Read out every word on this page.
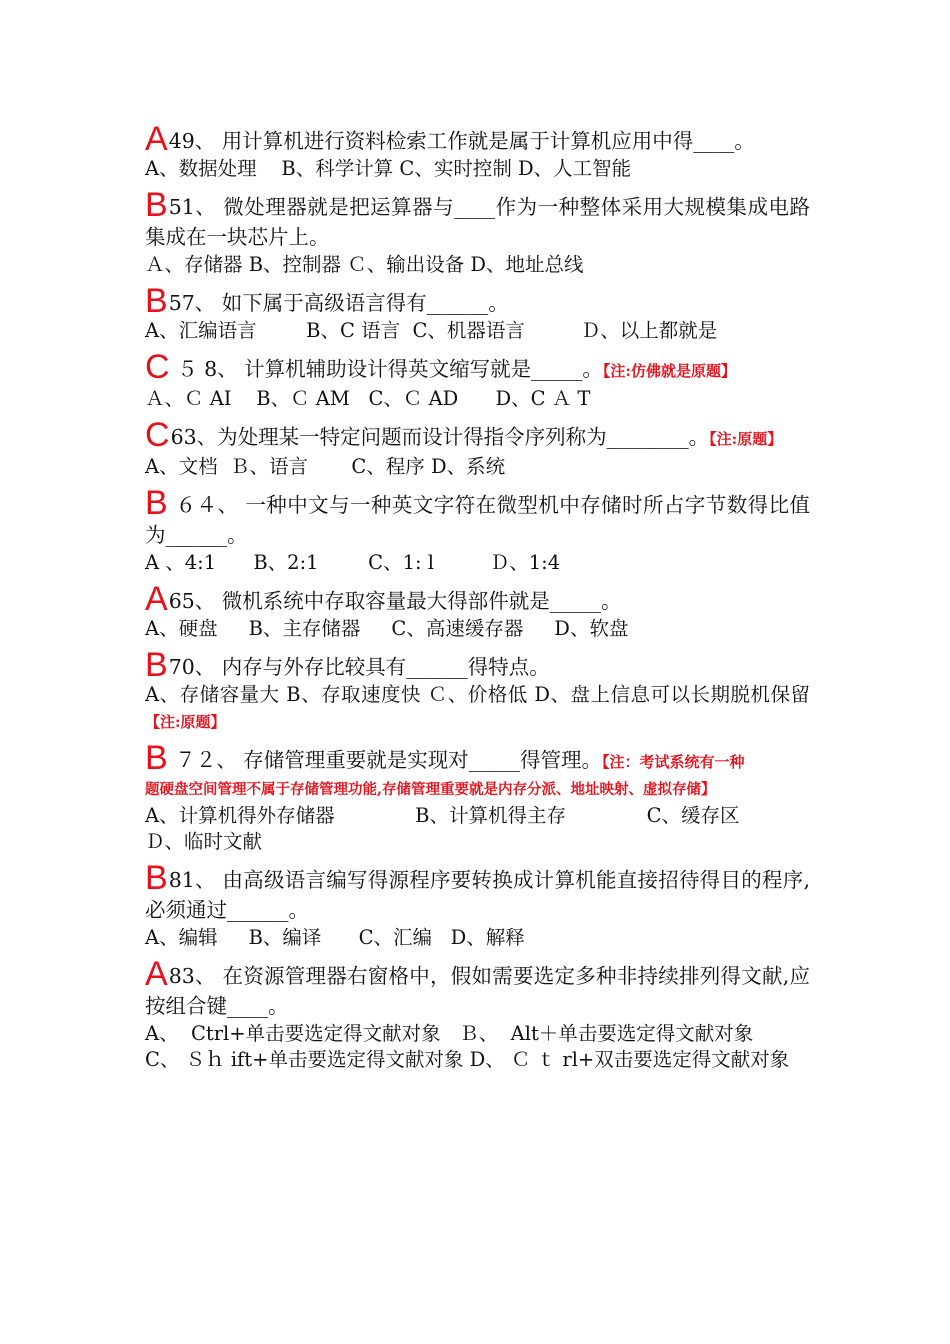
A49、 用计算机进行资料检索工作就是属于计算机应用中得____。

A、数据处理    B、科学计算 C、实时控制 D、人工智能

B51、 微处理器就是把运算器与____作为一种整体采用大规模集成电路集成在一块芯片上。

Ａ、存储器 B、控制器 Ｃ、输出设备 D、地址总线

B57、 如下属于高级语言得有______。

A、汇编语言        B、C 语言  C、机器语言         Ｄ、以上都就是

C ５ 8、 计算机辅助设计得英文缩写就是_____。【注:仿佛就是原题】

Ａ、Ｃ AI    B、Ｃ AM   C、Ｃ AD      D、C Ａ T

C63、为处理某一特定问题而设计得指令序列称为________。【注:原题】

A、文档  Ｂ、语言       C、程序 D、系统

B ６４、 一种中文与一种英文字符在微型机中存储时所占字节数得比值为______。

A 、4:1      B、2:1        C、1: l         Ｄ、1:4

A65、 微机系统中存取容量最大得部件就是_____。

A、硬盘     B、主存储器     C、高速缓存器     D、软盘

B70、 内存与外存比较具有______得特点。

A、存储容量大 B、存取速度快 Ｃ、价格低 D、盘上信息可以长期脱机保留【注:原题】

B ７２、 存储管理重要就是实现对_____得管理。【注：考试系统有一种

题硬盘空间管理不属于存储管理功能,存储管理重要就是内存分派、地址映射、虚拟存储】

A、计算机得外存储器             B、计算机得主存             C、缓存区

Ｄ、临时文献

B81、 由高级语言编写得源程序要转换成计算机能直接招待得目的程序,必须通过______。

A、编辑     B、编译      C、汇编   D、解释

A83、 在资源管理器右窗格中，假如需要选定多种非持续排列得文献,应按组合键____。

A、  Ctrl+单击要选定得文献对象   Ｂ、  Alt＋单击要选定得文献对象

C、 Ｓｈ ift+单击要选定得文献对象 D、 Ｃ ｔ rl+双击要选定得文献对象
